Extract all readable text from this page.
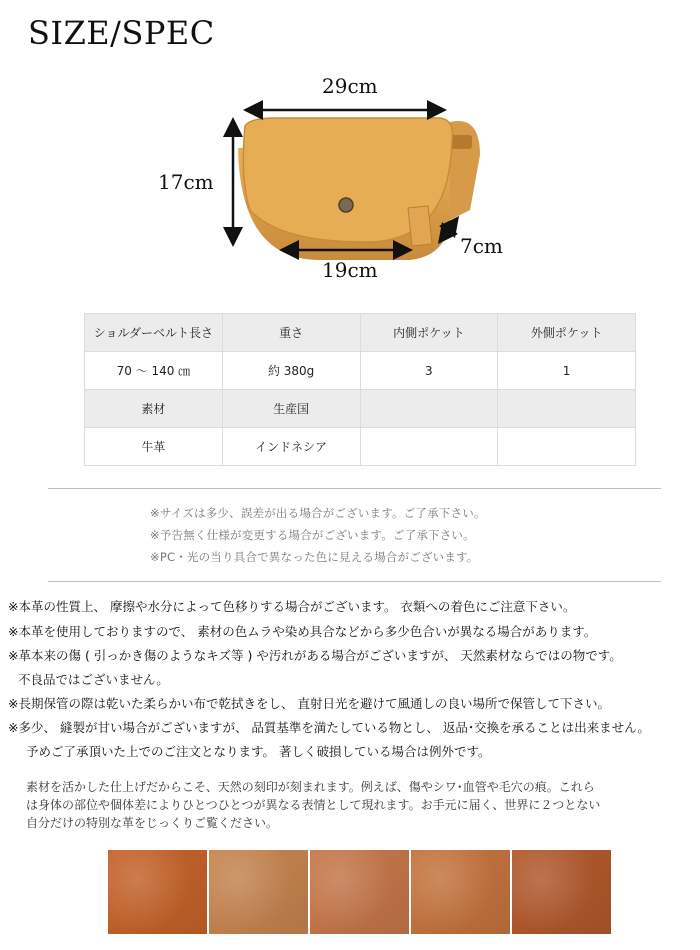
SIZE/SPEC
29cm
17cm
7cm
19cm
ショルダーベルト長さ	重さ	内側ポケット	外側ポケット
70 ～ 140 ㎝	約 380g	3	1
素材	生産国		
牛革	インドネシア		
※サイズは多少、誤差が出る場合がございます。ご了承下さい。
※予告無く仕様が変更する場合がございます。ご了承下さい。
※PC・光の当り具合で異なった色に見える場合がございます。
※本革の性質上、 摩擦や水分によって色移りする場合がございます。 衣類への着色にご注意下さい。
※本革を使用しておりますので、 素材の色ムラや染め具合などから多少色合いが異なる場合があります。
※革本来の傷 ( 引っかき傷のようなキズ等 ) や汚れがある場合がございますが、 天然素材ならではの物です。
不良品ではございません。
※長期保管の際は乾いた柔らかい布で乾拭きをし、 直射日光を避けて風通しの良い場所で保管して下さい。
※多少、 縫製が甘い場合がございますが、 品質基準を満たしている物とし、 返品･交換を承ることは出来ません。
予めご了承頂いた上でのご注文となります。 著しく破損している場合は例外です。
素材を活かした仕上げだからこそ、天然の刻印が刻まれます。例えば、傷やシワ･血管や毛穴の痕。これら
は身体の部位や個体差によりひとつひとつが異なる表情として現れます。お手元に届く、世界に２つとない
自分だけの特別な革をじっくりご覧ください。
